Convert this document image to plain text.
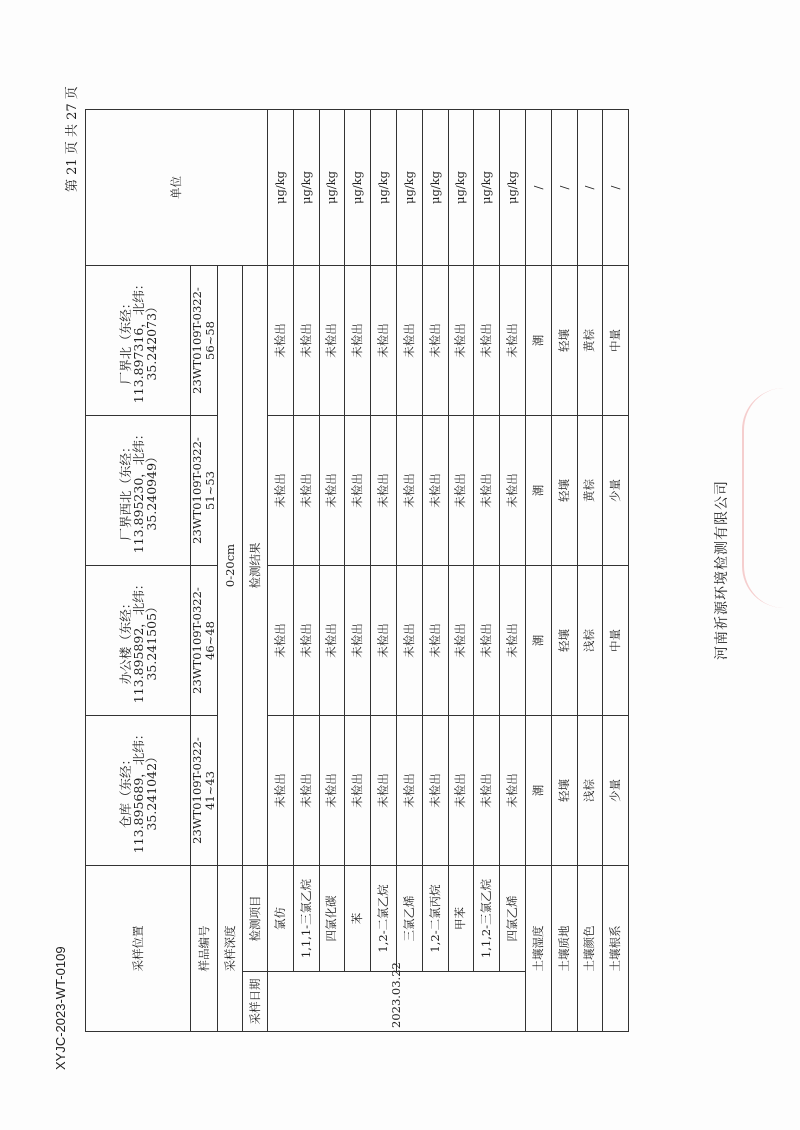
XYJC-2023-WT-0109
第 21 页 共 27 页
河南祈源环境检测有限公司
采样位置		仓库（东经：113.895689，北纬：35.241042）	办公楼（东经：113.895892，北纬：35.241505）	厂界西北（东经：113.895230，北纬：35.240949）	厂界北（东经：113.897316，北纬：35.242073）	单位
样品编号		23WT0109T-0322-41~43	23WT0109T-0322-46~48	23WT0109T-0322-51~53	23WT0109T-0322-56~58	
采样深度		0-20cm				
采样日期	检测项目	检测结果				

2023.03.22	氯仿	未检出	未检出	未检出	未检出	μg/kg
	1,1,1-三氯乙烷	未检出	未检出	未检出	未检出	μg/kg
	四氯化碳	未检出	未检出	未检出	未检出	μg/kg
	苯	未检出	未检出	未检出	未检出	μg/kg
	1,2-二氯乙烷	未检出	未检出	未检出	未检出	μg/kg
	三氯乙烯	未检出	未检出	未检出	未检出	μg/kg
	1,2-二氯丙烷	未检出	未检出	未检出	未检出	μg/kg
	甲苯	未检出	未检出	未检出	未检出	μg/kg
	1,1,2-三氯乙烷	未检出	未检出	未检出	未检出	μg/kg
	四氯乙烯	未检出	未检出	未检出	未检出	μg/kg
土壤湿度		潮	潮	潮	潮	/
土壤质地		轻壤	轻壤	轻壤	轻壤	/
土壤颜色		浅棕	浅棕	黄棕	黄棕	/
土壤根系		少量	中量	少量	中量	/
